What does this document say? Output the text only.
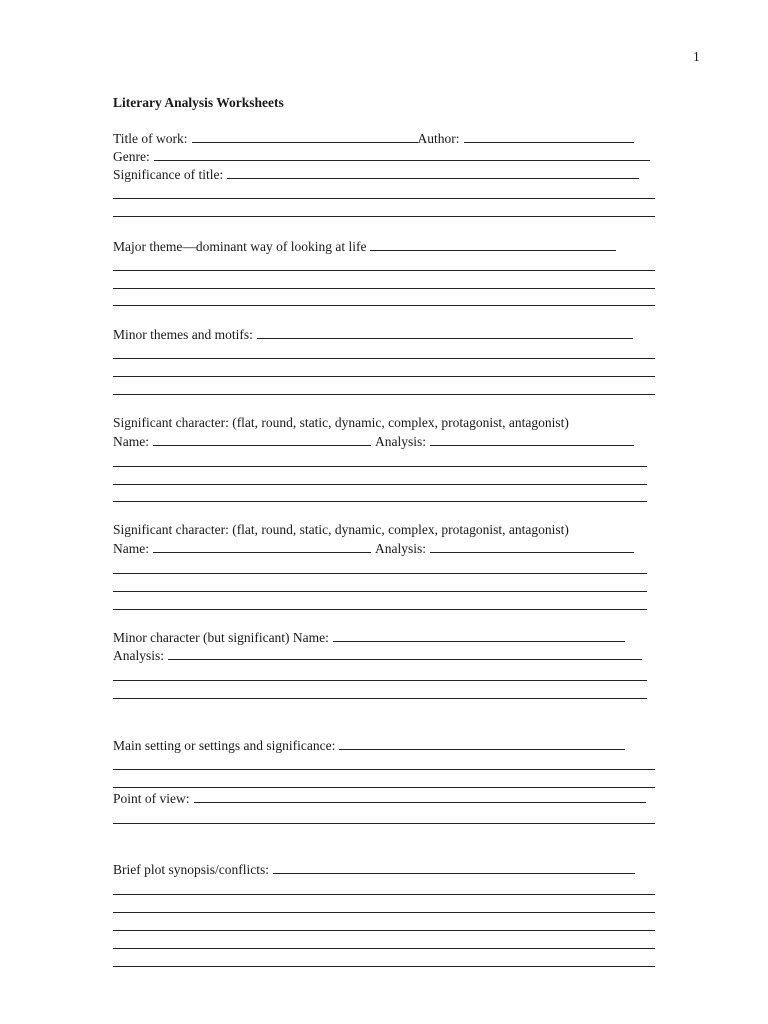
1
Literary Analysis Worksheets
Title of work:	Author:
Genre:
Significance of title:
Major theme—dominant way of looking at life
Minor themes and motifs:
Significant character: (flat, round, static, dynamic, complex, protagonist, antagonist)
Name:	Analysis:
Significant character: (flat, round, static, dynamic, complex, protagonist, antagonist)
Name:	Analysis:
Minor character (but significant) Name:
Analysis:
Main setting or settings and significance:
Point of view:
Brief plot synopsis/conflicts:
